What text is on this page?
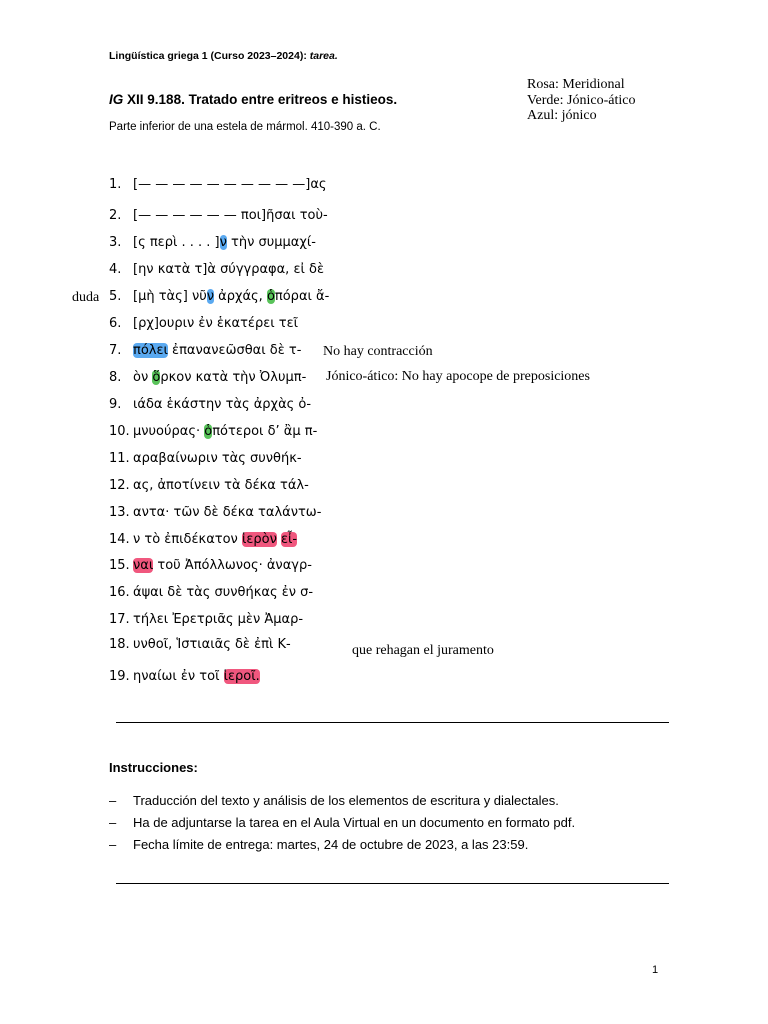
Lingüística griega 1 (Curso 2023–2024): tarea.
IG XII 9.188. Tratado entre eritreos e histieos.
Parte inferior de una estela de mármol. 410-390 a. C.
Rosa: Meridional
Verde: Jónico-ático
Azul: jónico
1. [— — — — — — — — — —]ας
2. [— — — — — — ποι]ῆσαι τοὺ-
3. [ς περὶ . . . . ]ν τὴν συμμαχί-
4. [ην κατὰ τ]ὰ σύγγραφα, εἰ δὲ
5. [μὴ τὰς] νῦν ἀρχάς, ὁπόραι ἄ-
6. [ρχ]ουριν ἐν ἑκατέρει τεῖ
7. πόλει ἐπανανεῶσθαι δὲ τ-
8. ὸν ὅρκον κατὰ τὴν Ὀλυμπ-
9. ιάδα ἑκάστην τὰς ἀρχὰς ὀ-
10. μνυούρας· ὁπότεροι δ’ ἂμ π-
11. αραβαίνωριν τὰς συνθήκ-
12. ας, ἀποτίνειν τὰ δέκα τάλ-
13. αντα· τῶν δὲ δέκα ταλάντω-
14. ν τὸ ἐπιδέκατον ἱερὸν εἶ-
15. ναι τοῦ Ἀπόλλωνος· ἀναγρ-
16. άψαι δὲ τὰς συνθήκας ἐν σ-
17. τήλει Ἐρετριᾶς μὲν Ἀμαρ-
18. υνθοῖ, Ἱστιαιᾶς δὲ ἐπὶ Κ-
19. ηναίωι ἐν τοῖ ἱεροῖ.
duda
No hay contracción
Jónico-ático: No hay apocope de preposiciones
que rehagan el juramento
Instrucciones:
– Traducción del texto y análisis de los elementos de escritura y dialectales.
– Ha de adjuntarse la tarea en el Aula Virtual en un documento en formato pdf.
– Fecha límite de entrega: martes, 24 de octubre de 2023, a las 23:59.
1
